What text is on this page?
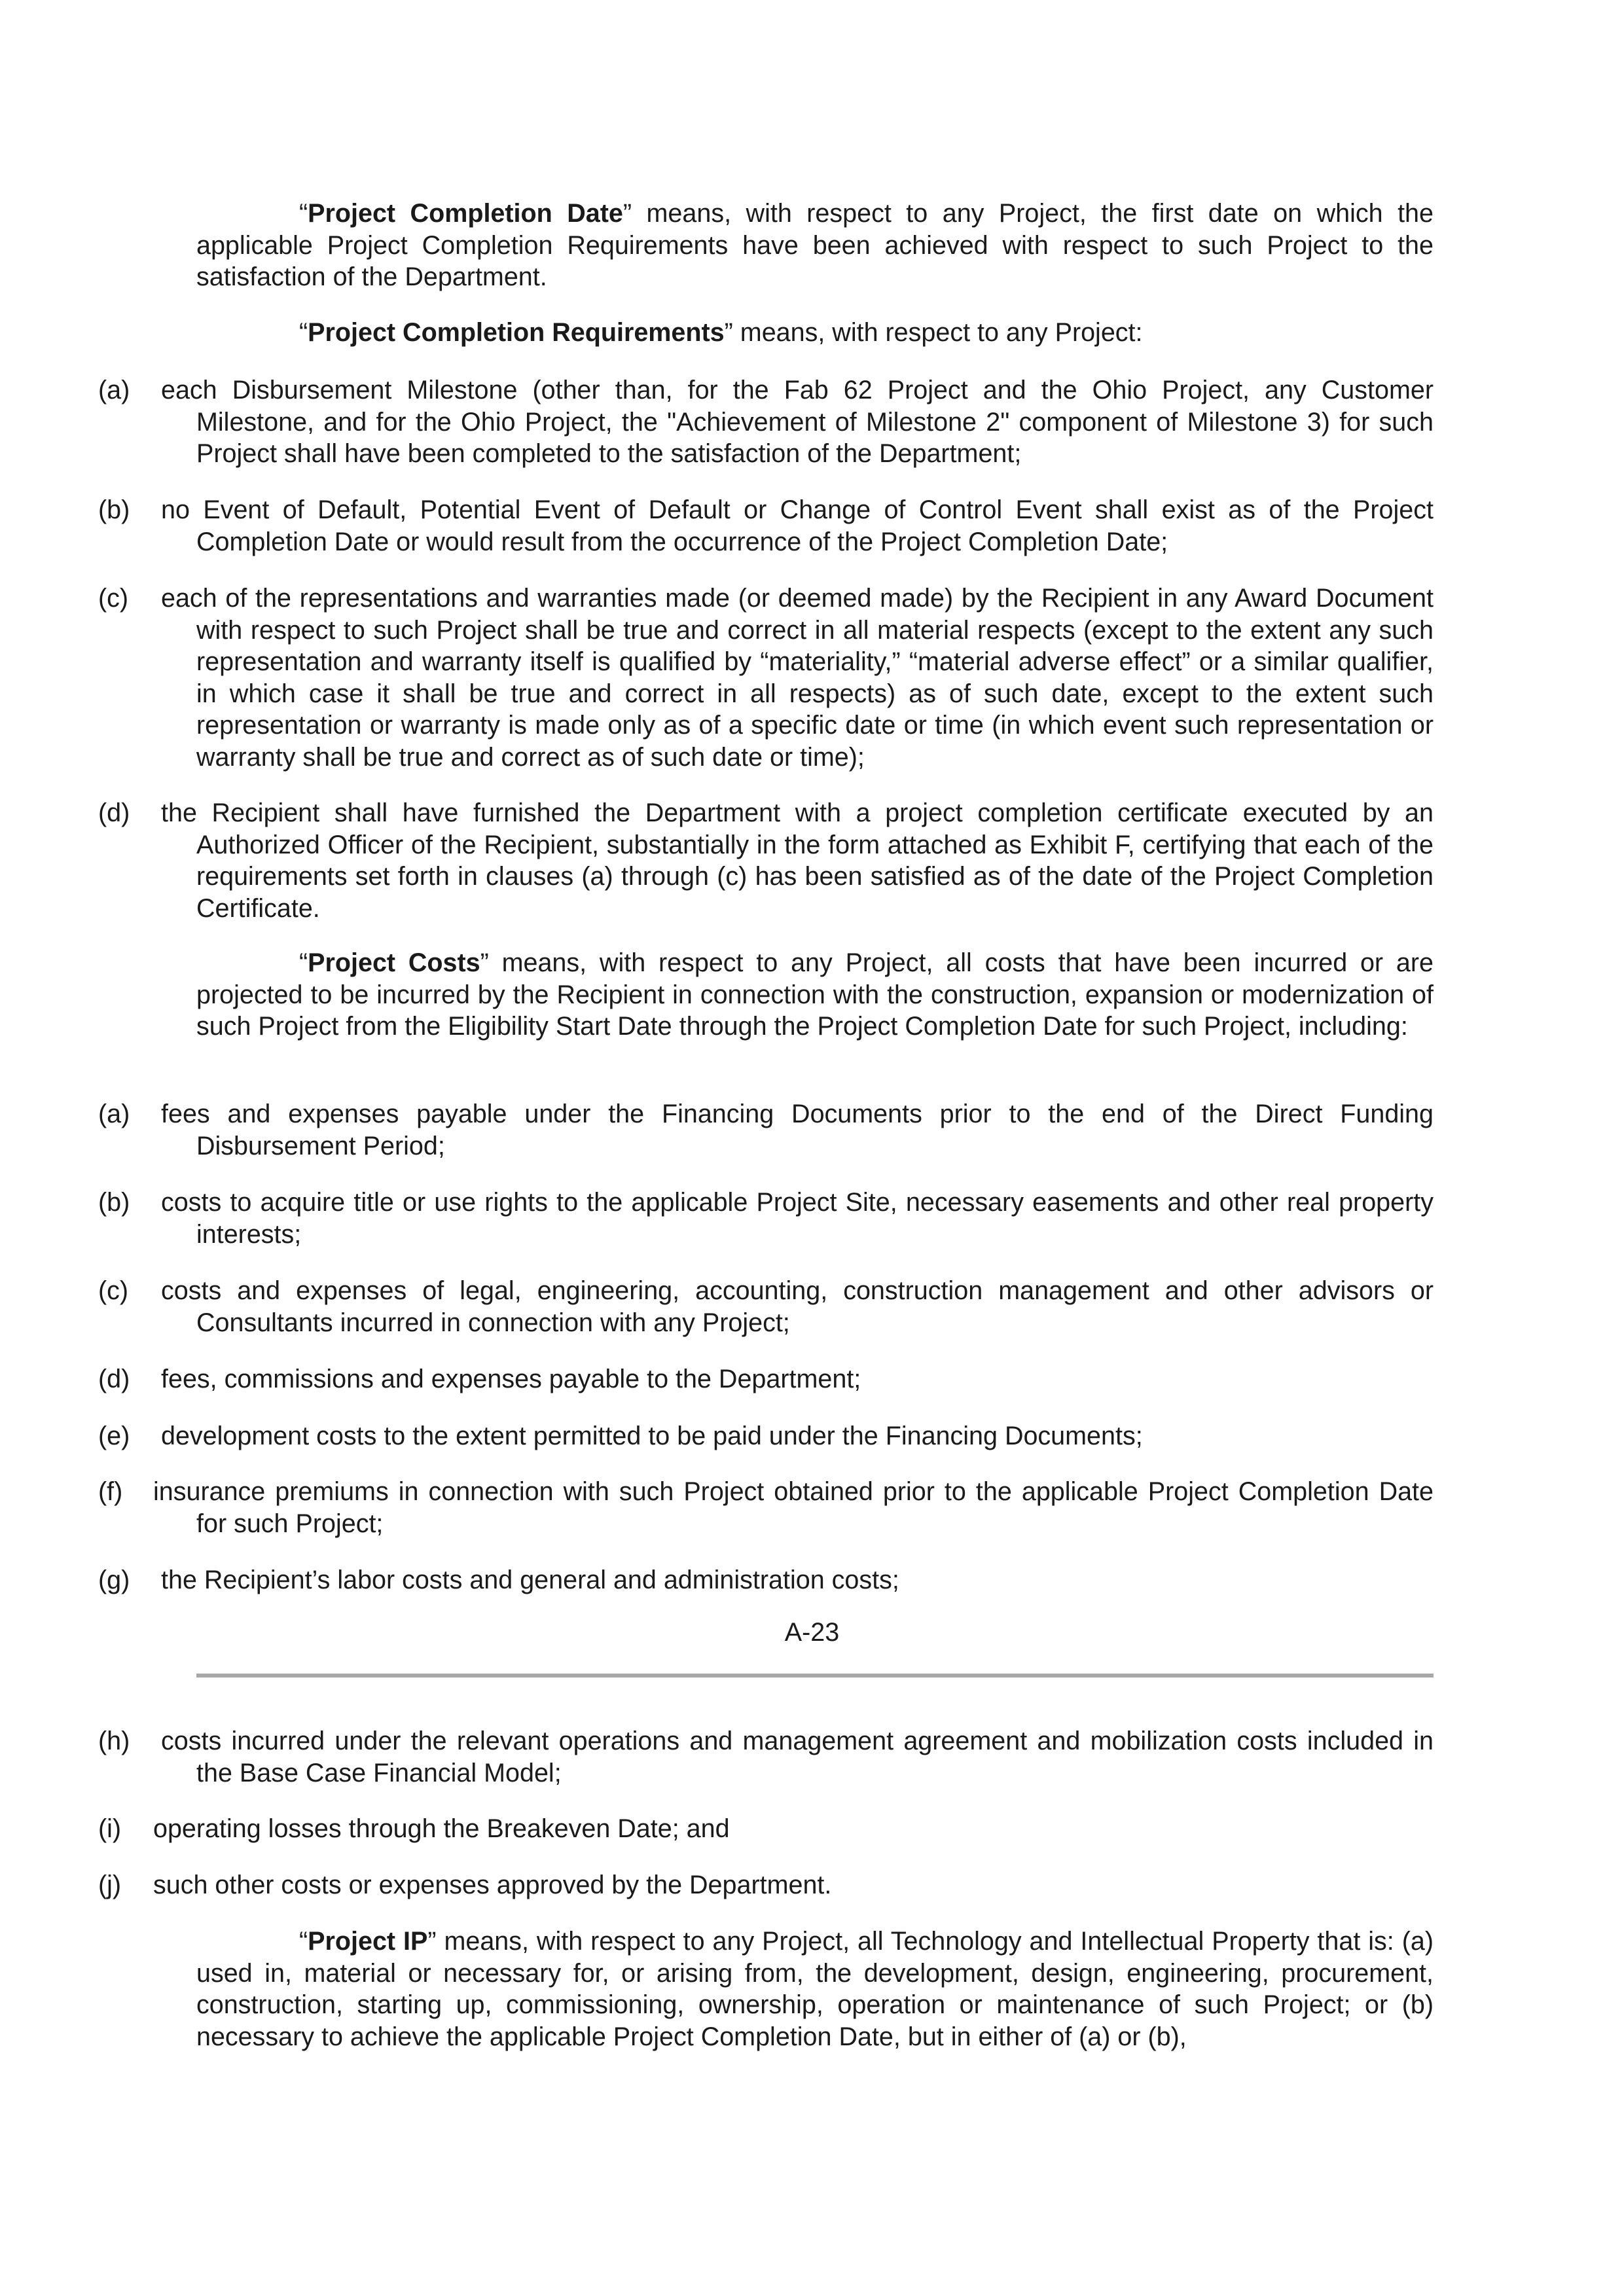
“Project Completion Date” means, with respect to any Project, the first date on which the applicable Project Completion Requirements have been achieved with respect to such Project to the satisfaction of the Department.

“Project Completion Requirements” means, with respect to any Project:

(a) each Disbursement Milestone (other than, for the Fab 62 Project and the Ohio Project, any Customer Milestone, and for the Ohio Project, the "Achievement of Milestone 2" component of Milestone 3) for such Project shall have been completed to the satisfaction of the Department;

(b) no Event of Default, Potential Event of Default or Change of Control Event shall exist as of the Project Completion Date or would result from the occurrence of the Project Completion Date;

(c) each of the representations and warranties made (or deemed made) by the Recipient in any Award Document with respect to such Project shall be true and correct in all material respects (except to the extent any such representation and warranty itself is qualified by “materiality,” “material adverse effect” or a similar qualifier, in which case it shall be true and correct in all respects) as of such date, except to the extent such representation or warranty is made only as of a specific date or time (in which event such representation or warranty shall be true and correct as of such date or time);

(d) the Recipient shall have furnished the Department with a project completion certificate executed by an Authorized Officer of the Recipient, substantially in the form attached as Exhibit F, certifying that each of the requirements set forth in clauses (a) through (c) has been satisfied as of the date of the Project Completion Certificate.

“Project Costs” means, with respect to any Project, all costs that have been incurred or are projected to be incurred by the Recipient in connection with the construction, expansion or modernization of such Project from the Eligibility Start Date through the Project Completion Date for such Project, including:

(a) fees and expenses payable under the Financing Documents prior to the end of the Direct Funding Disbursement Period;

(b) costs to acquire title or use rights to the applicable Project Site, necessary easements and other real property interests;

(c) costs and expenses of legal, engineering, accounting, construction management and other advisors or Consultants incurred in connection with any Project;

(d) fees, commissions and expenses payable to the Department;

(e) development costs to the extent permitted to be paid under the Financing Documents;

(f) insurance premiums in connection with such Project obtained prior to the applicable Project Completion Date for such Project;

(g) the Recipient’s labor costs and general and administration costs;

A-23

(h) costs incurred under the relevant operations and management agreement and mobilization costs included in the Base Case Financial Model;

(i) operating losses through the Breakeven Date; and

(j) such other costs or expenses approved by the Department.

“Project IP” means, with respect to any Project, all Technology and Intellectual Property that is: (a) used in, material or necessary for, or arising from, the development, design, engineering, procurement, construction, starting up, commissioning, ownership, operation or maintenance of such Project; or (b) necessary to achieve the applicable Project Completion Date, but in either of (a) or (b),
